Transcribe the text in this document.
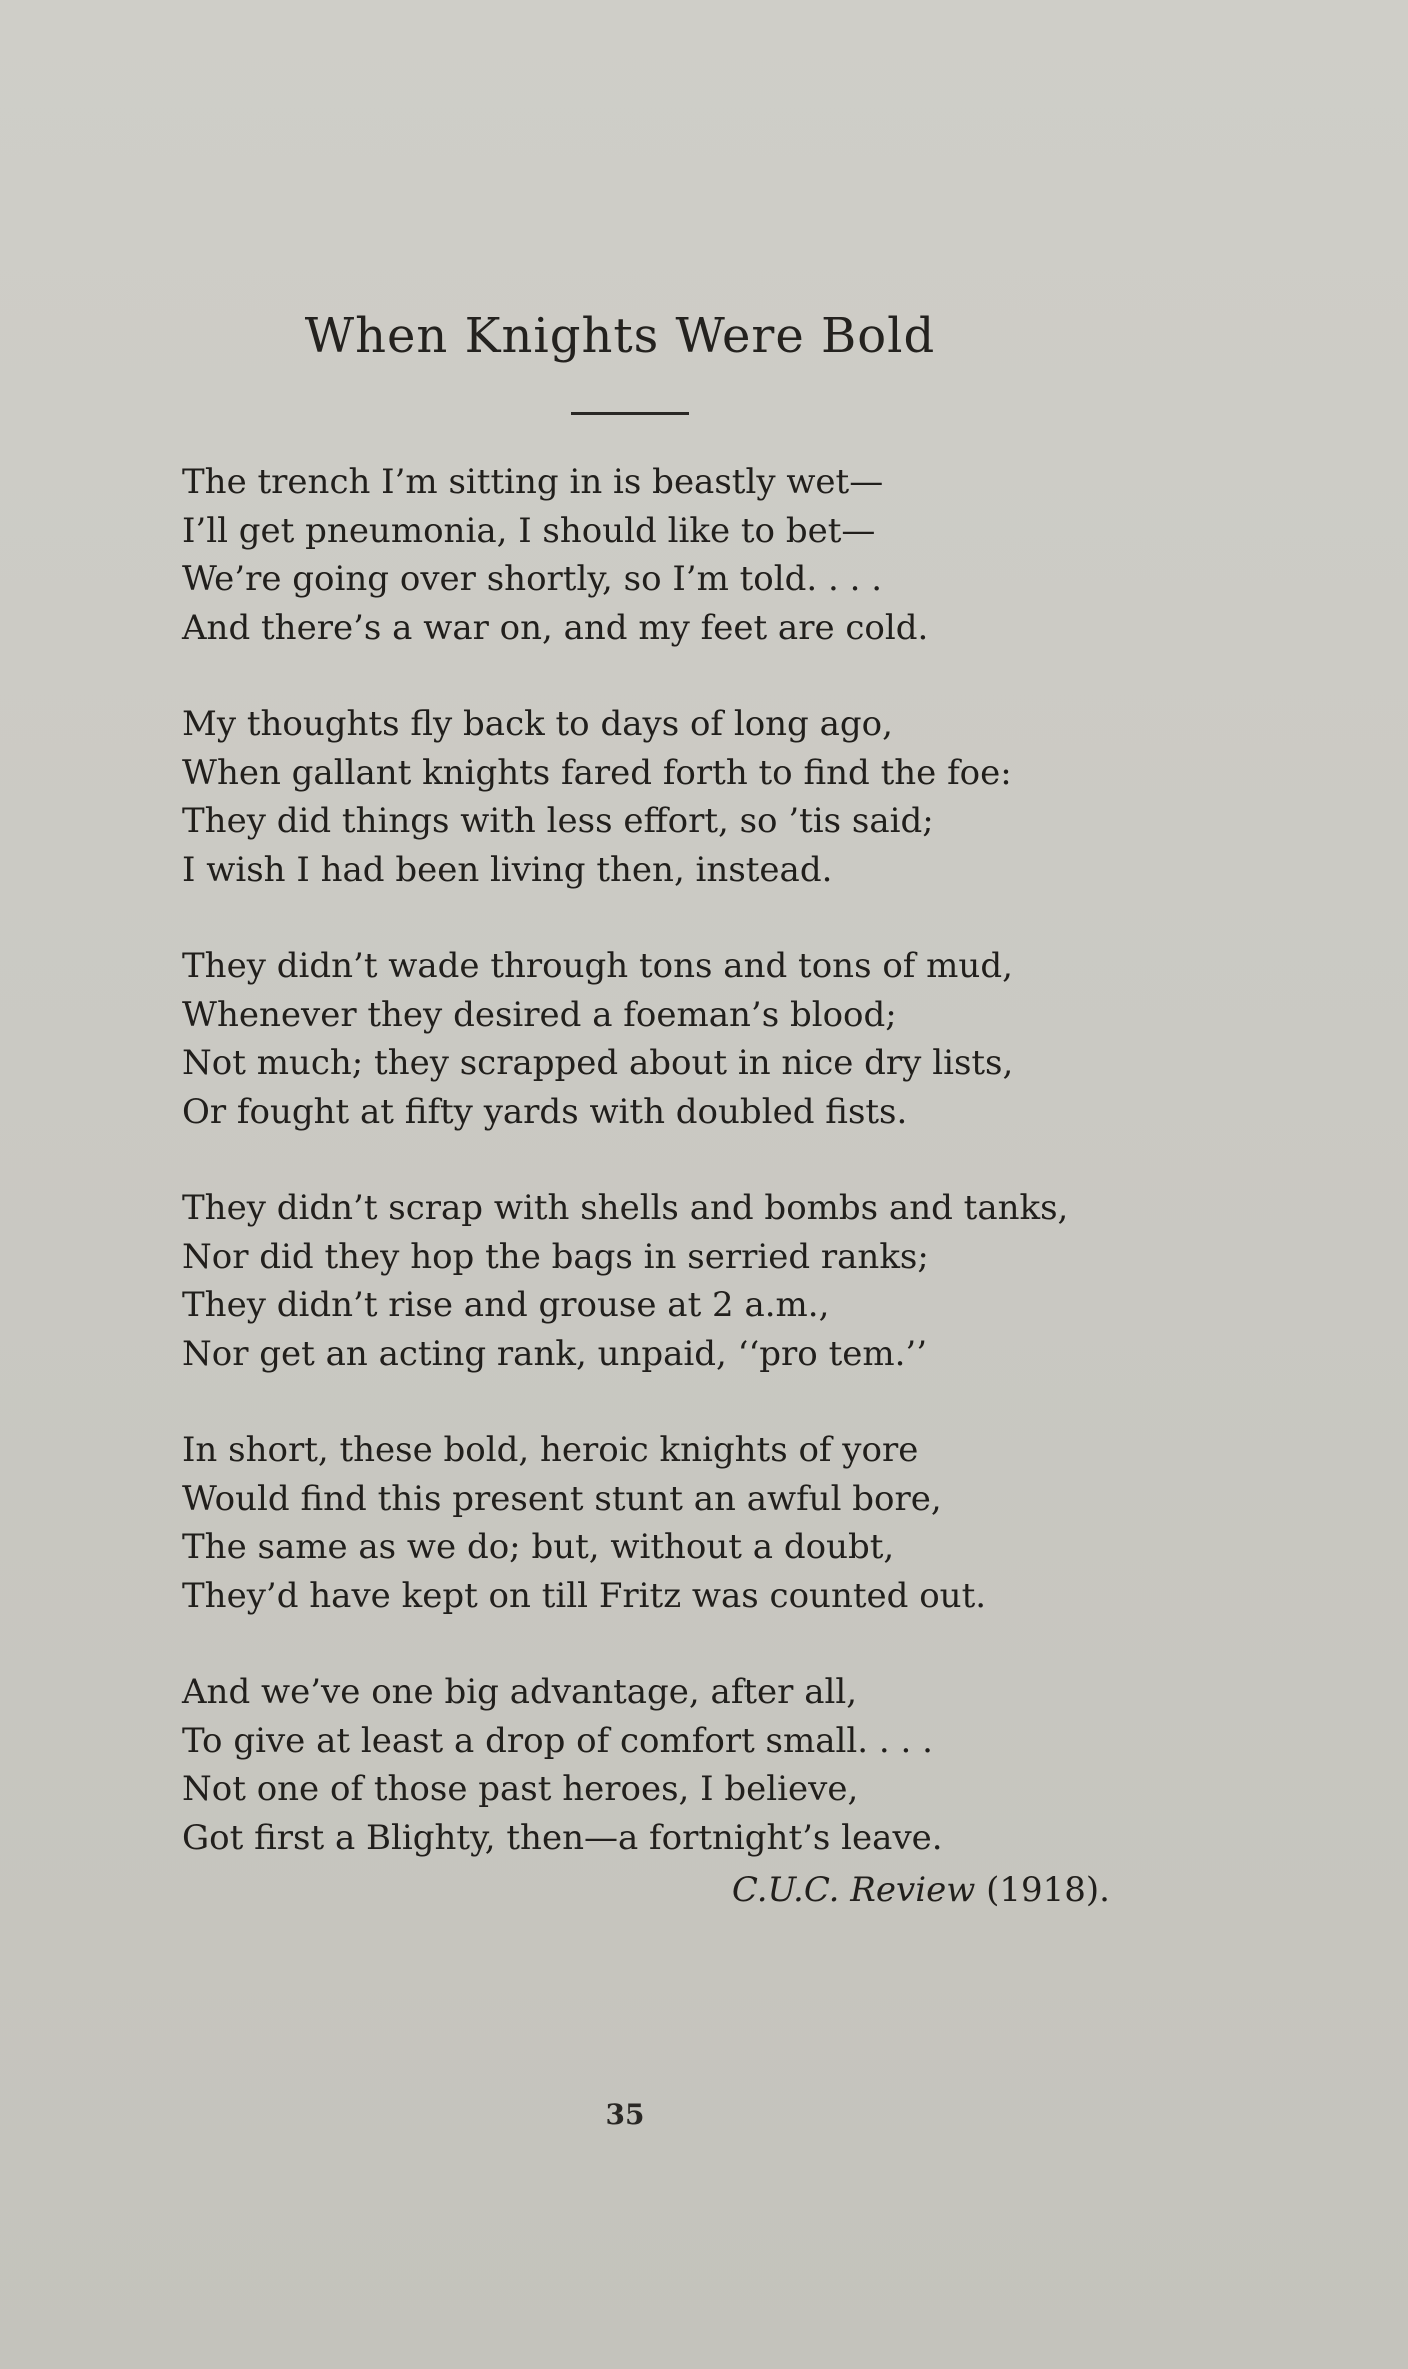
When Knights Were Bold
The trench I’m sitting in is beastly wet—
I’ll get pneumonia, I should like to bet—
We’re going over shortly, so I’m told. . . .
And there’s a war on, and my feet are cold.
My thoughts fly back to days of long ago,
When gallant knights fared forth to find the foe:
They did things with less effort, so ’tis said;
I wish I had been living then, instead.
They didn’t wade through tons and tons of mud,
Whenever they desired a foeman’s blood;
Not much; they scrapped about in nice dry lists,
Or fought at fifty yards with doubled fists.
They didn’t scrap with shells and bombs and tanks,
Nor did they hop the bags in serried ranks;
They didn’t rise and grouse at 2 a.m.,
Nor get an acting rank, unpaid, ‘‘pro tem.’’
In short, these bold, heroic knights of yore
Would find this present stunt an awful bore,
The same as we do; but, without a doubt,
They’d have kept on till Fritz was counted out.
And we’ve one big advantage, after all,
To give at least a drop of comfort small. . . .
Not one of those past heroes, I believe,
Got first a Blighty, then—a fortnight’s leave.
C.U.C. Review (1918).
35
